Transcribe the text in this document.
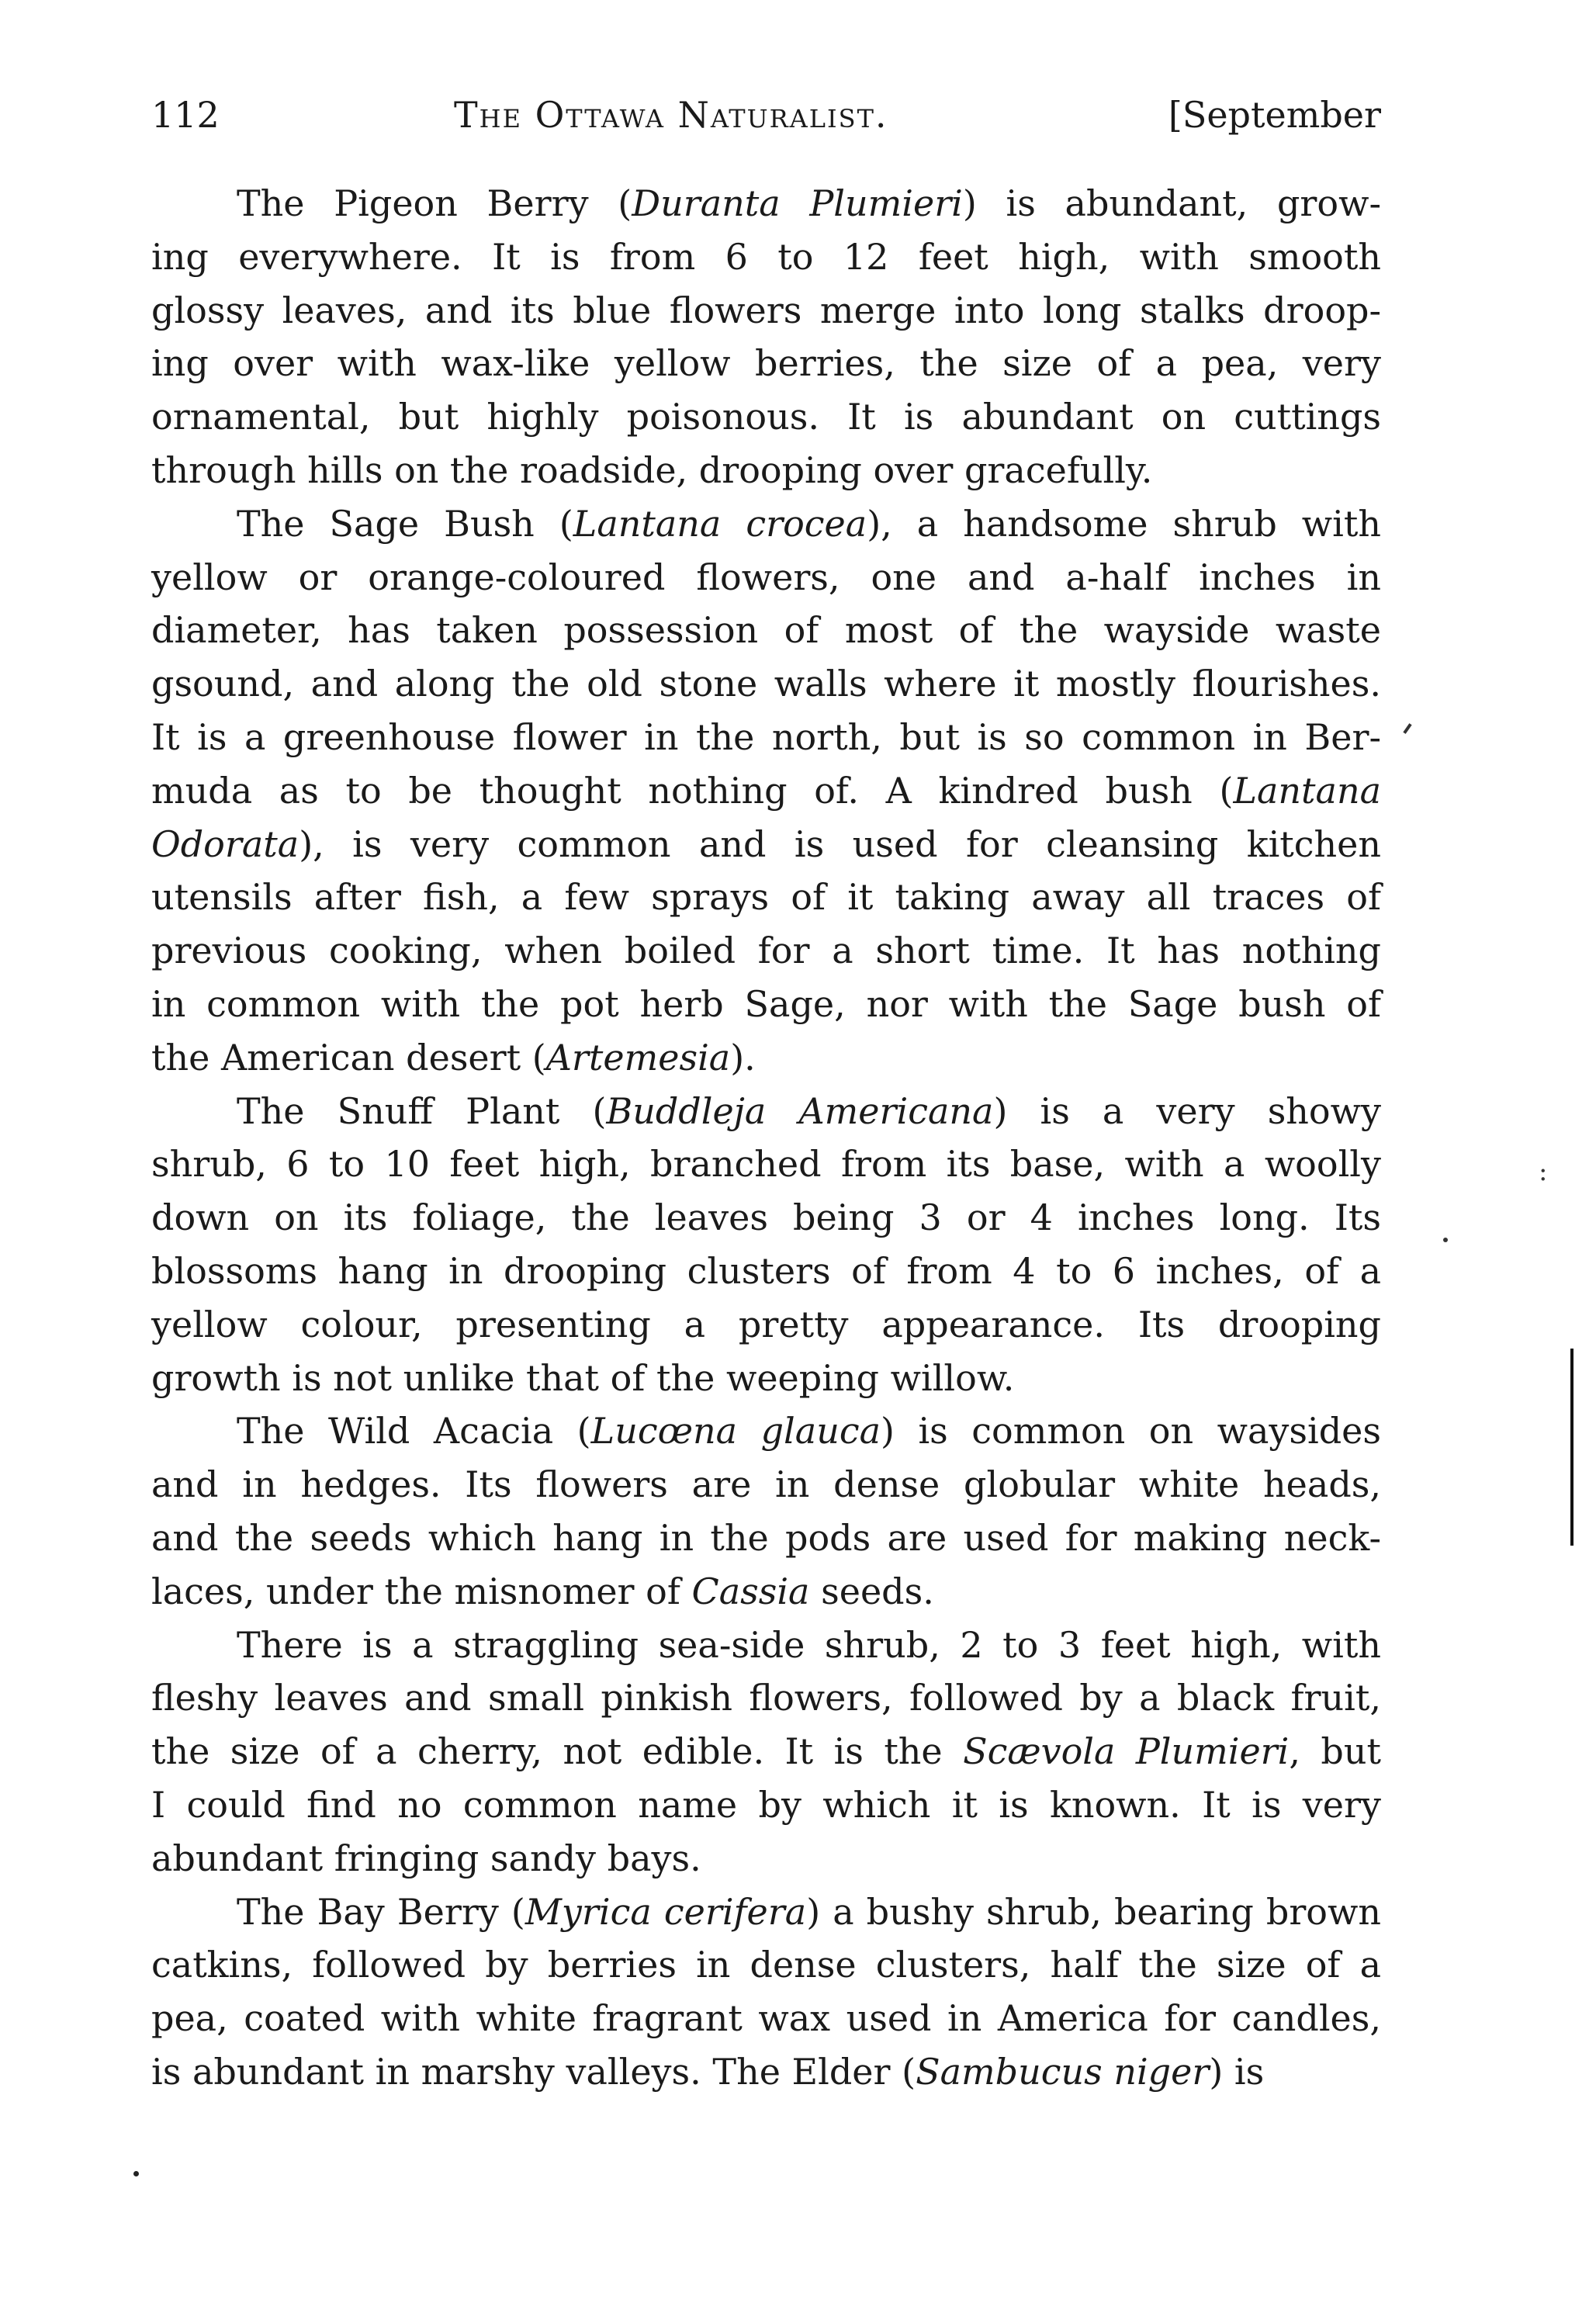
112	The Ottawa Naturalist.	[September
The Pigeon Berry (Duranta Plumieri) is abundant, grow-
ing everywhere. It is from 6 to 12 feet high, with smooth
glossy leaves, and its blue flowers merge into long stalks droop-
ing over with wax-like yellow berries, the size of a pea, very
ornamental, but highly poisonous. It is abundant on cuttings
through hills on the roadside, drooping over gracefully.
The Sage Bush (Lantana crocea), a handsome shrub with
yellow or orange-coloured flowers, one and a-half inches in
diameter, has taken possession of most of the wayside waste
gsound, and along the old stone walls where it mostly flourishes.
It is a greenhouse flower in the north, but is so common in Ber-
muda as to be thought nothing of. A kindred bush (Lantana
Odorata), is very common and is used for cleansing kitchen
utensils after fish, a few sprays of it taking away all traces of
previous cooking, when boiled for a short time. It has nothing
in common with the pot herb Sage, nor with the Sage bush of
the American desert (Artemesia).
The Snuff Plant (Buddleja Americana) is a very showy
shrub, 6 to 10 feet high, branched from its base, with a woolly
down on its foliage, the leaves being 3 or 4 inches long. Its
blossoms hang in drooping clusters of from 4 to 6 inches, of a
yellow colour, presenting a pretty appearance. Its drooping
growth is not unlike that of the weeping willow.
The Wild Acacia (Lucœna glauca) is common on waysides
and in hedges. Its flowers are in dense globular white heads,
and the seeds which hang in the pods are used for making neck-
laces, under the misnomer of Cassia seeds.
There is a straggling sea-side shrub, 2 to 3 feet high, with
fleshy leaves and small pinkish flowers, followed by a black fruit,
the size of a cherry, not edible. It is the Scævola Plumieri, but
I could find no common name by which it is known. It is very
abundant fringing sandy bays.
The Bay Berry (Myrica cerifera) a bushy shrub, bearing brown
catkins, followed by berries in dense clusters, half the size of a
pea, coated with white fragrant wax used in America for candles,
is abundant in marshy valleys. The Elder (Sambucus niger) is
:
